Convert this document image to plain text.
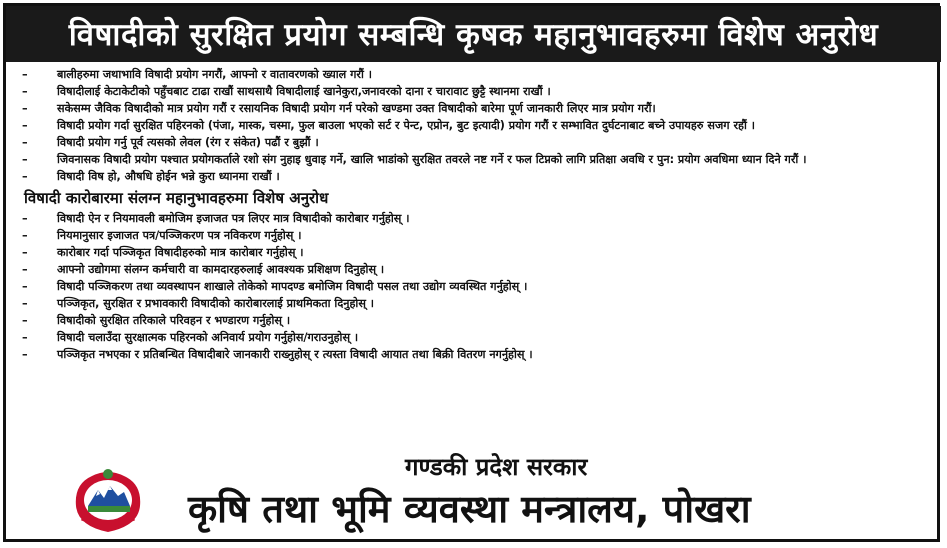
विषादीको सुरक्षित प्रयोग सम्बन्धि कृषक महानुभावहरुमा विशेष अनुरोध
–	बालीहरुमा जथाभावि विषादी प्रयोग नगरौं, आफ्नो र वातावरणको ख्याल गरौं ।
–	विषादीलाई केटाकेटीको पहुँचबाट टाढा राखौं साथसाथै विषादीलाई खानेकुरा,जनावरको दाना र चारावाट छुट्टै स्थानमा राखौं ।
–	सकेसम्म जैविक विषादीको मात्र प्रयोग गरौं र रसायनिक विषादी प्रयोग गर्न परेको खण्डमा उक्त विषादीको बारेमा पूर्ण जानकारी लिएर मात्र प्रयोग गरौं।
–	विषादी प्रयोग गर्दा सुरक्षित पहिरनको (पंजा, मास्क, चस्मा, फुल बाउला भएको सर्ट र पेन्ट, एप्रोन, बुट इत्यादी) प्रयोग गरौं र सम्भावित दुर्घटनाबाट बच्ने उपायहरु सजग रहौं ।
–	विषादी प्रयोग गर्नु पूर्व त्यसको लेवल (रंग र संकेत) पढौं र बुझौं ।
–	जिवनासक विषादी प्रयोग पश्चात प्रयोगकर्ताले रशो संग नुहाइ धुवाइ गर्ने, खालि भाडांको सुरक्षित तवरले नष्ट गर्ने र फल टिप्नको लागि प्रतिक्षा अवधि र पुन: प्रयोग अवधिमा ध्यान दिने गरौं ।
–	विषादी विष हो, औषधि होईन भन्ने कुरा ध्यानमा राखौं ।
विषादी कारोबारमा संलग्न महानुभावहरुमा विशेष अनुरोध
–	विषादी ऐन र नियमावली बमोजिम इजाजत पत्र लिएर मात्र विषादीको कारोबार गर्नुहोस् ।
–	नियमानुसार इजाजत पत्र/पञ्जिकरण पत्र नविकरण गर्नुहोस् ।
–	कारोबार गर्दा पञ्जिकृत विषादीहरुको मात्र कारोबार गर्नुहोस् ।
–	आफ्नो उद्योगमा संलग्न कर्मचारी वा कामदारहरुलाई आवश्यक प्रशिक्षण दिनुहोस् ।
–	विषादी पञ्जिकरण तथा व्यवस्थापन शाखाले तोकेको मापदण्ड बमोजिम विषादी पसल तथा उद्योग व्यवस्थित गर्नुहोस् ।
–	पञ्जिकृत, सुरक्षित र प्रभावकारी विषादीको कारोबारलाई प्राथमिकता दिनुहोस् ।
–	विषादीको सुरक्षित तरिकाले परिवहन र भण्डारण गर्नुहोस् ।
–	विषादी चलाउँदा सुरक्षात्मक पहिरनको अनिवार्य प्रयोग गर्नुहोस/गराउनुहोस् ।
–	पञ्जिकृत नभएका र प्रतिबन्धित विषादीबारे जानकारी राख्नुहोस् र त्यस्ता विषादी आयात तथा बिक्री वितरण नगर्नुहोस् ।
गण्डकी प्रदेश सरकार
कृषि तथा भूमि व्यवस्था मन्त्रालय, पोखरा
